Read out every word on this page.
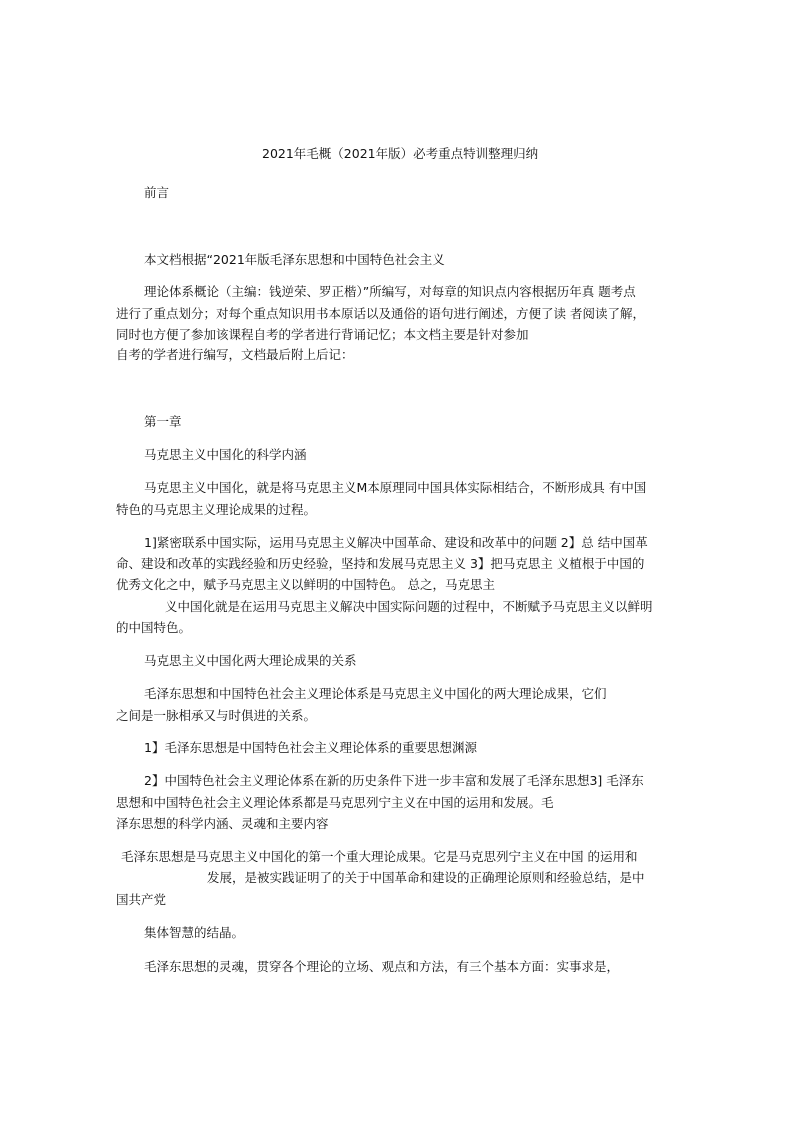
2021年毛概（2021年版）必考重点特训整理归纳
前言
本文档根据“2021年版毛泽东思想和中国特色社会主义
理论体系概论（主编：钱逆荣、罗正楷）”所编写，对每章的知识点内容根据历年真 题考点
进行了重点划分；对每个重点知识用书本原话以及通俗的语句进行阐述，方便了读 者阅读了解，
同时也方便了参加该课程自考的学者进行背诵记忆；本文档主要是针对参加
自考的学者进行编写，文档最后附上后记：
第一章
马克思主义中国化的科学内涵
马克思主义中国化，就是将马克思主义M本原理同中国具体实际相结合，不断形成具 有中国
特色的马克思主义理论成果的过程。
1]紧密联系中国实际，运用马克思主义解决中国革命、建设和改革中的问题 2】总 结中国革
命、建设和改革的实践经验和历史经验，坚持和发展马克思主义 3】把马克思主 义植根于中国的
优秀文化之中，赋予马克思主义以鲜明的中国特色。 总之，马克思主
义中国化就是在运用马克思主义解决中国实际问题的过程中，不断赋予马克思主义以鲜明
的中国特色。
马克思主义中国化两大理论成果的关系
毛泽东思想和中国特色社会主义理论体系是马克思主义中国化的两大理论成果，它们
之间是一脉相承又与时俱进的关系。
1】毛泽东思想是中国特色社会主义理论体系的重要思想渊源
2】中国特色社会主义理论体系在新的历史条件下进一步丰富和发展了毛泽东思想3] 毛泽东
思想和中国特色社会主义理论体系都是马克思列宁主义在中国的运用和发展。毛
泽东思想的科学内涵、灵魂和主要内容
毛泽东思想是马克思主义中国化的第一个重大理论成果。它是马克思列宁主义在中国 的运用和
发展，是被实践证明了的关于中国革命和建设的正确理论原则和经验总结，是中
国共产党
集体智慧的结晶。
毛泽东思想的灵魂，贯穿各个理论的立场、观点和方法，有三个基本方面：实事求是，
